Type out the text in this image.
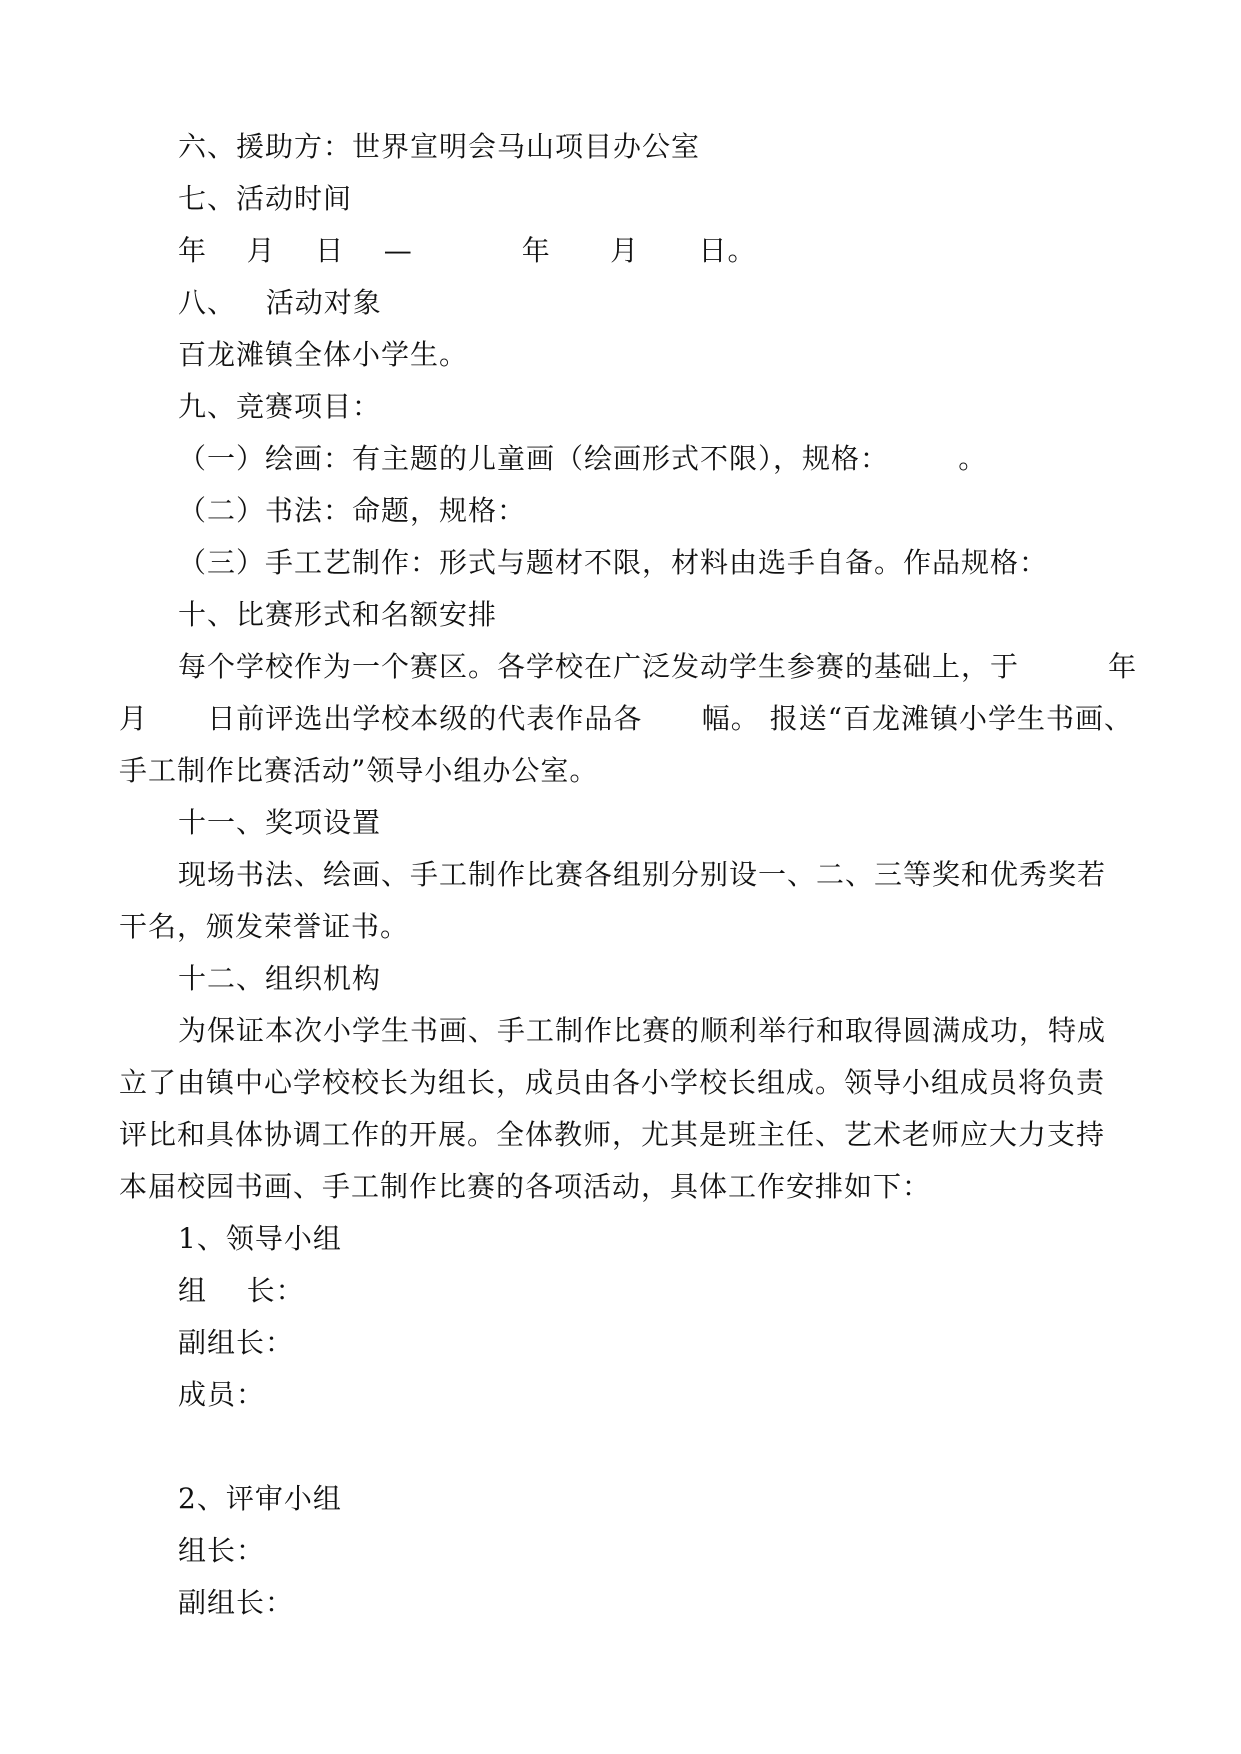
六、援助方：世界宣明会马山项目办公室
七、活动时间
年    月    日    —           年      月      日。
八、   活动对象
百龙滩镇全体小学生。
九、竞赛项目：
（一）绘画：有主题的儿童画（绘画形式不限），规格：       。
（二）书法：命题，规格：
（三）手工艺制作：形式与题材不限，材料由选手自备。作品规格：
十、比赛形式和名额安排
每个学校作为一个赛区。各学校在广泛发动学生参赛的基础上，于         年
月      日前评选出学校本级的代表作品各      幅。 报送“百龙滩镇小学生书画、
手工制作比赛活动”领导小组办公室。
十一、奖项设置
现场书法、绘画、手工制作比赛各组别分别设一、二、三等奖和优秀奖若
干名，颁发荣誉证书。
十二、组织机构
为保证本次小学生书画、手工制作比赛的顺利举行和取得圆满成功，特成
立了由镇中心学校校长为组长，成员由各小学校长组成。领导小组成员将负责
评比和具体协调工作的开展。全体教师，尤其是班主任、艺术老师应大力支持
本届校园书画、手工制作比赛的各项活动，具体工作安排如下：
1、领导小组
组    长：
副组长：
成员：
2、评审小组
组长：
副组长：
